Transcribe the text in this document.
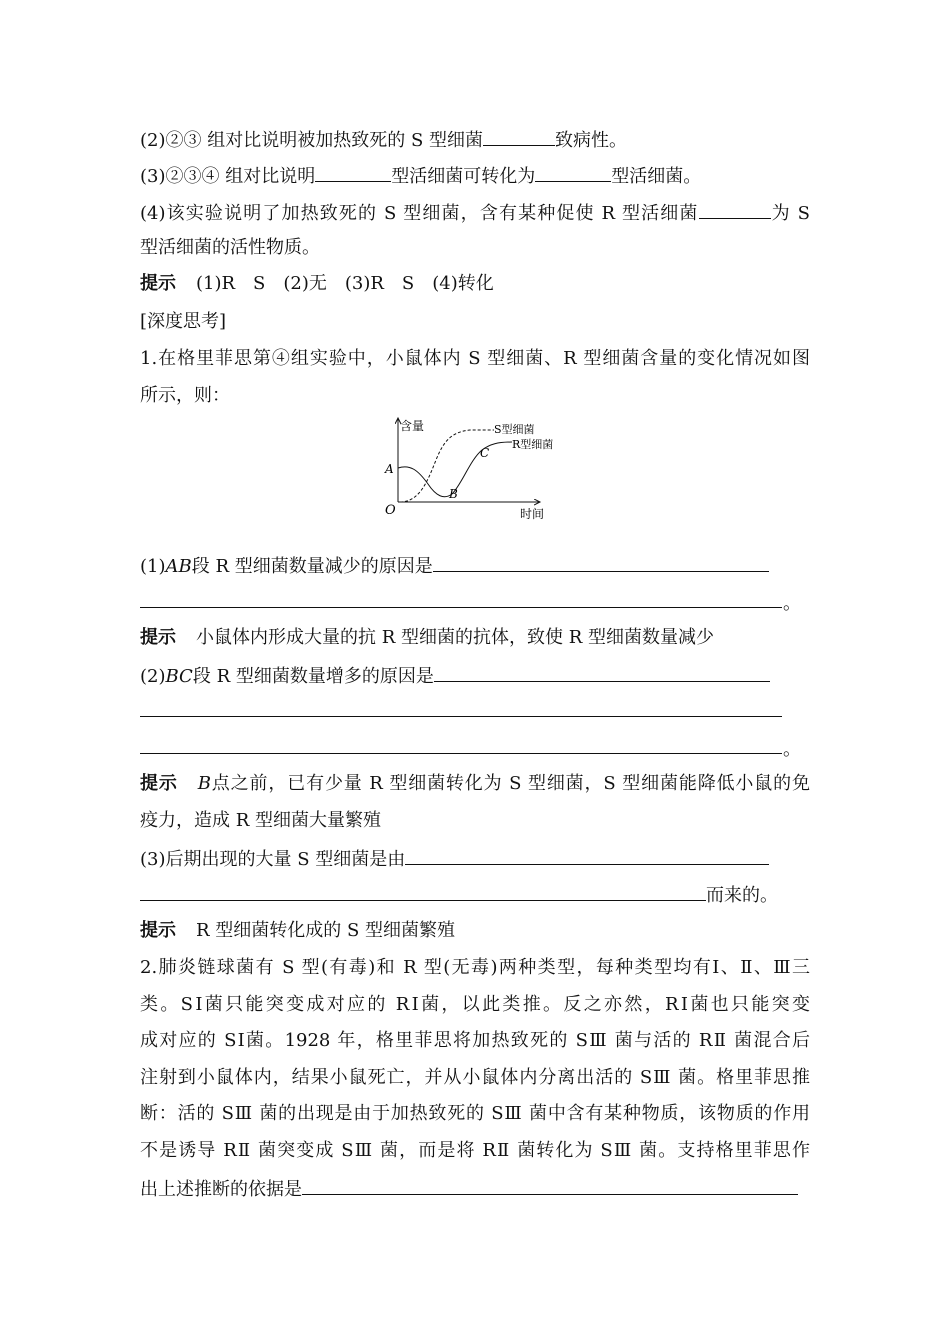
(2)②③ 组对比说明被加热致死的 S 型细菌	致病性。
(3)②③④ 组对比说明	型活细菌可转化为	型活细菌。
(4)该实验说明了加热致死的 S 型细菌，含有某种促使 R 型活细菌	为 S
型活细菌的活性物质。
提示 (1)R　S　(2)无　(3)R　S　(4)转化
[深度思考]
1.在格里菲思第④组实验中，小鼠体内 S 型细菌、R 型细菌含量的变化情况如图
所示，则：
含量
时间
O
A
B
C
S型细菌
R型细菌
(1)AB段 R 型细菌数量减少的原因是
。
提示 小鼠体内形成大量的抗 R 型细菌的抗体，致使 R 型细菌数量减少
(2)BC段 R 型细菌数量增多的原因是
。
提示 B点之前，已有少量 R 型细菌转化为 S 型细菌，S 型细菌能降低小鼠的免
疫力，造成 R 型细菌大量繁殖
(3)后期出现的大量 S 型细菌是由
而来的。
提示 R 型细菌转化成的 S 型细菌繁殖
2.肺炎链球菌有 S 型(有毒)和 R 型(无毒)两种类型，每种类型均有Ⅰ、Ⅱ、Ⅲ三
类。SⅠ菌只能突变成对应的 RⅠ菌，以此类推。反之亦然，RⅠ菌也只能突变
成对应的 SⅠ菌。1928 年，格里菲思将加热致死的 SⅢ 菌与活的 RⅡ 菌混合后
注射到小鼠体内，结果小鼠死亡，并从小鼠体内分离出活的 SⅢ 菌。格里菲思推
断：活的 SⅢ 菌的出现是由于加热致死的 SⅢ 菌中含有某种物质，该物质的作用
不是诱导 RⅡ 菌突变成 SⅢ 菌，而是将 RⅡ 菌转化为 SⅢ 菌。支持格里菲思作
出上述推断的依据是
